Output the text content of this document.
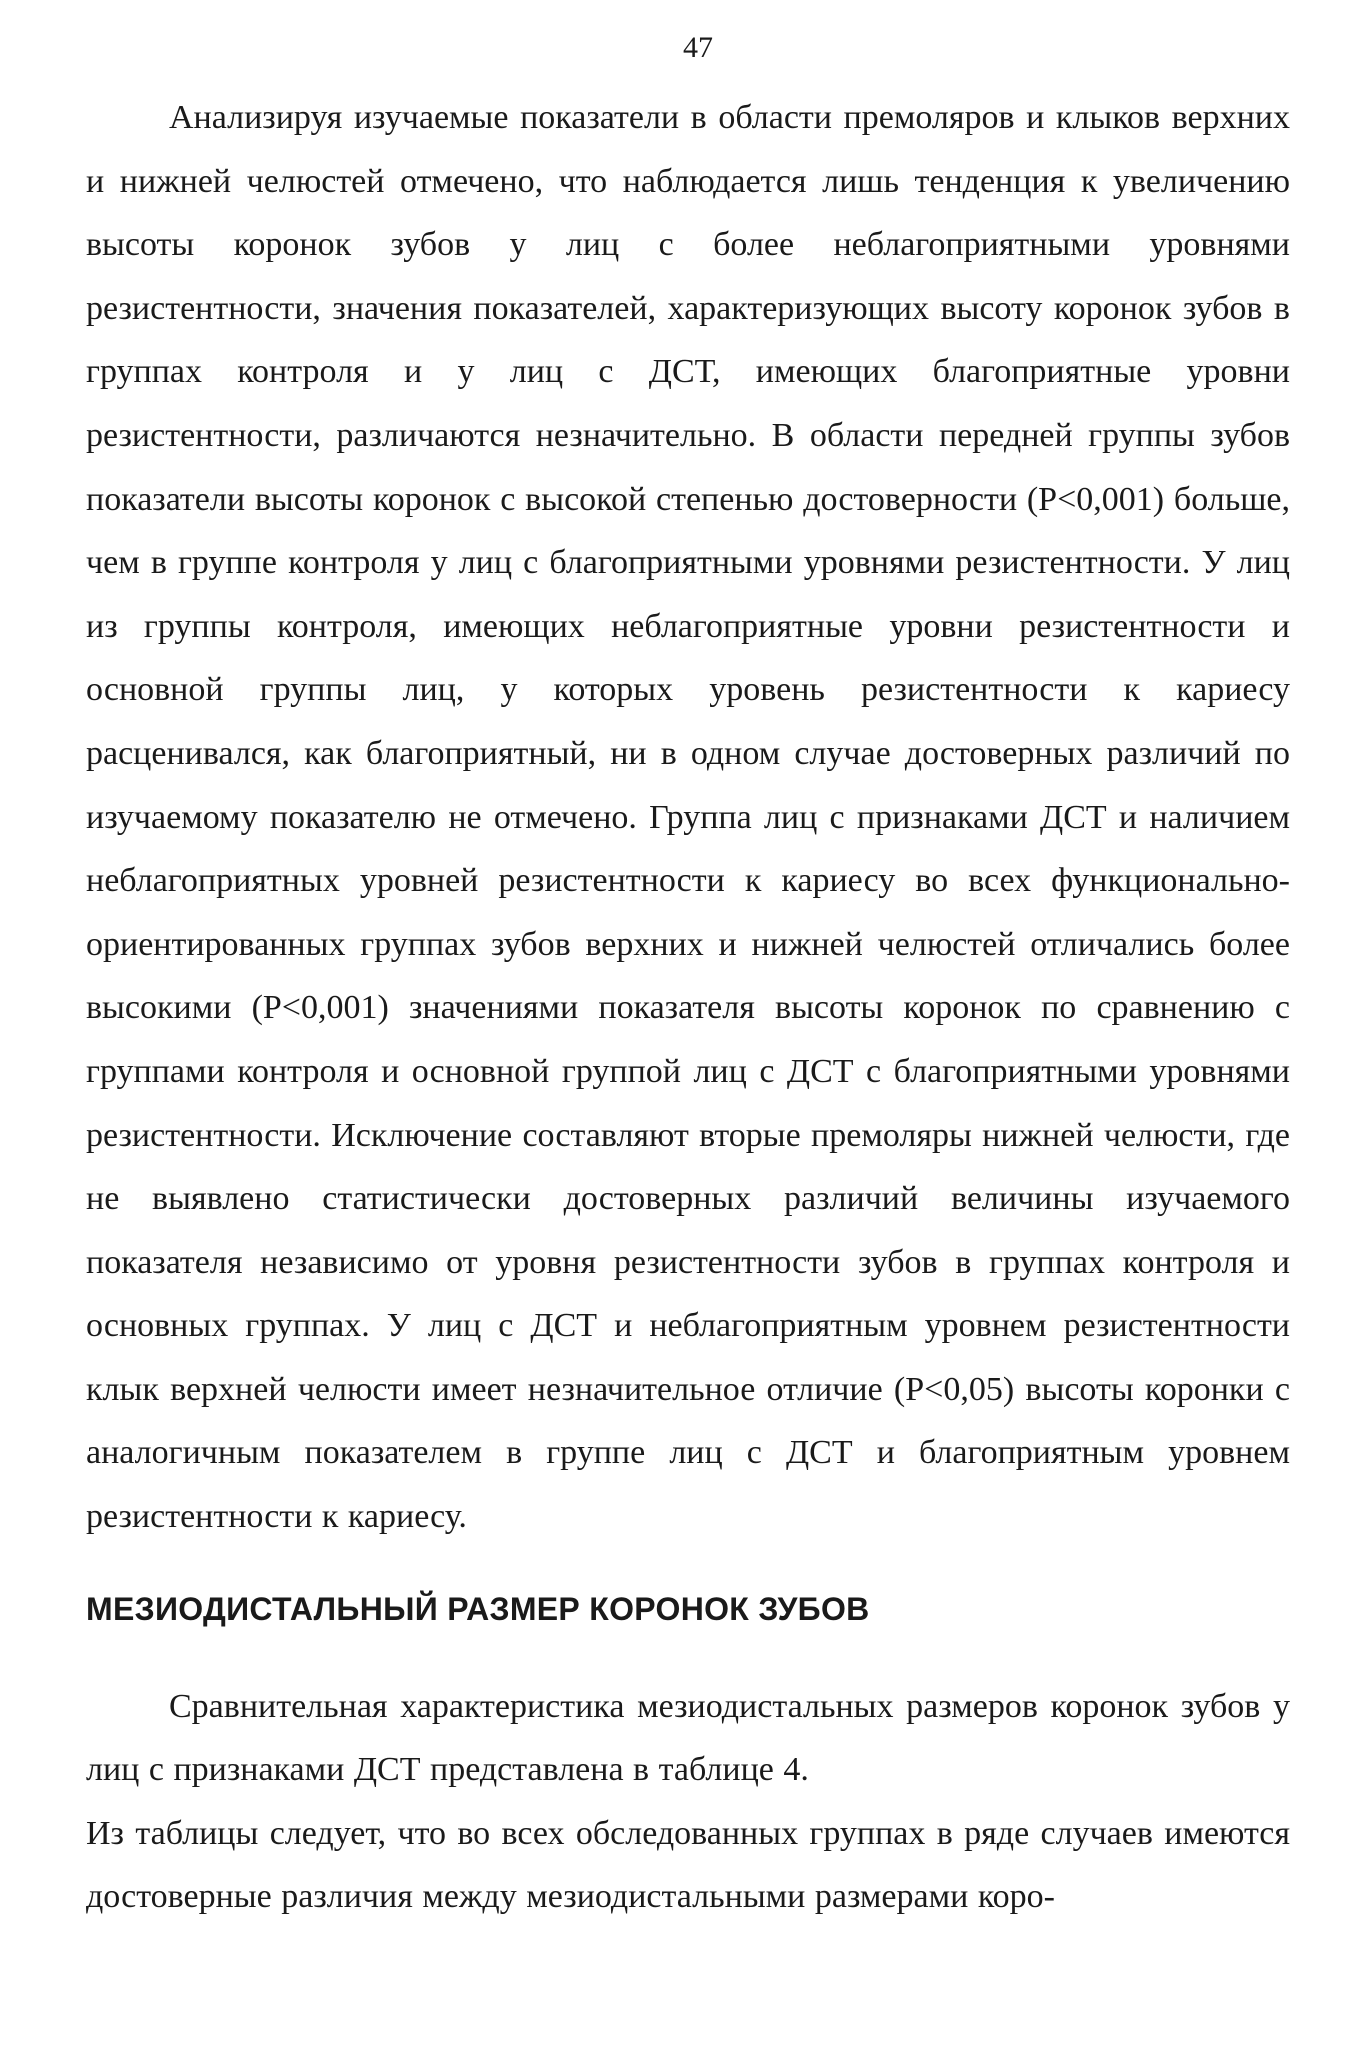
47

Анализируя изучаемые показатели в области премоляров и клыков верхних и нижней челюстей отмечено, что наблюдается лишь тенденция к увеличению высоты коронок зубов у лиц с более неблагоприятными уровнями резистентности, значения показателей, характеризующих высоту коронок зубов в группах контроля и у лиц с ДСТ, имеющих благоприятные уровни резистентности, различаются незначительно. В области передней группы зубов показатели высоты коронок с высокой степенью достоверности (Р<0,001) больше, чем в группе контроля у лиц с благоприятными уровнями резистентности. У лиц из группы контроля, имеющих неблагоприятные уровни резистентности и основной группы лиц, у которых уровень резистентности к кариесу расценивался, как благоприятный, ни в одном случае достоверных различий по изучаемому показателю не отмечено. Группа лиц с признаками ДСТ и наличием неблагоприятных уровней резистентности к кариесу во всех функционально-ориентированных группах зубов верхних и нижней челюстей отличались более высокими (Р<0,001) значениями показателя высоты коронок по сравнению с группами контроля и основной группой лиц с ДСТ с благоприятными уровнями резистентности. Исключение составляют вторые премоляры нижней челюсти, где не выявлено статистически достоверных различий величины изучаемого показателя независимо от уровня резистентности зубов в группах контроля и основных группах. У лиц с ДСТ и неблагоприятным уровнем резистентности клык верхней челюсти имеет незначительное отличие (Р<0,05) высоты коронки с аналогичным показателем в группе лиц с ДСТ и благоприятным уровнем резистентности к кариесу.

МЕЗИОДИСТАЛЬНЫЙ РАЗМЕР КОРОНОК ЗУБОВ

Сравнительная характеристика мезиодистальных размеров коронок зубов у лиц с признаками ДСТ представлена в таблице 4.

Из таблицы следует, что во всех обследованных группах в ряде случаев имеются достоверные различия между мезиодистальными размерами коро-
